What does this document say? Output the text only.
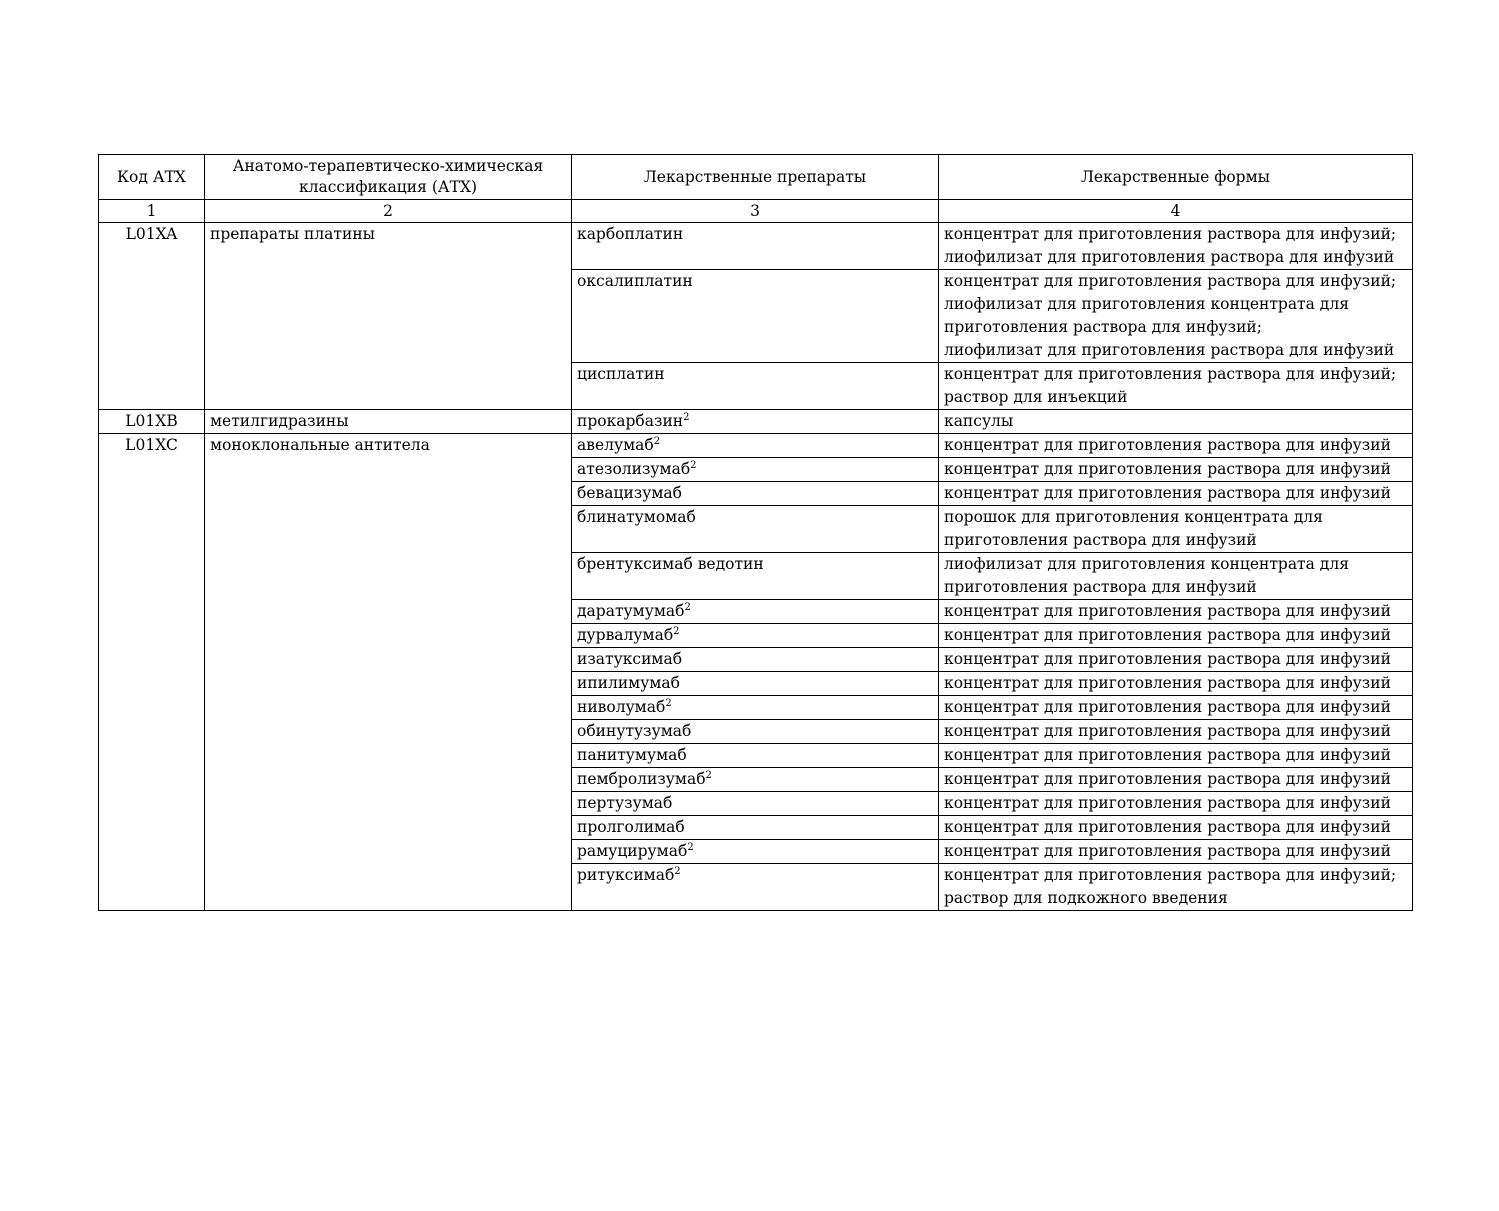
Код АТХ	Анатомо-терапевтическо-химическая классификация (АТХ)	Лекарственные препараты	Лекарственные формы
1	2	3	4
L01XA	препараты платины	карбоплатин	концентрат для приготовления раствора для инфузий;
лиофилизат для приготовления раствора для инфузий

		оксалиплатин	концентрат для приготовления раствора для инфузий;
лиофилизат для приготовления концентрата для приготовления раствора для инфузий;
лиофилизат для приготовления раствора для инфузий

		цисплатин	концентрат для приготовления раствора для инфузий;
раствор для инъекций

L01XB	метилгидразины	прокарбазин$^2$	капсулы

L01XC	моноклональные антитела	авелумаб$^2$	концентрат для приготовления раствора для инфузий

		атезолизумаб$^2$	концентрат для приготовления раствора для инфузий

		бевацизумаб	концентрат для приготовления раствора для инфузий

		блинатумомаб	порошок для приготовления концентрата для приготовления раствора для инфузий

		брентуксимаб ведотин	лиофилизат для приготовления концентрата для приготовления раствора для инфузий

		даратумумаб$^2$	концентрат для приготовления раствора для инфузий

		дурвалумаб$^2$	концентрат для приготовления раствора для инфузий

		изатуксимаб	концентрат для приготовления раствора для инфузий

		ипилимумаб	концентрат для приготовления раствора для инфузий

		ниволумаб$^2$	концентрат для приготовления раствора для инфузий

		обинутузумаб	концентрат для приготовления раствора для инфузий

		панитумумаб	концентрат для приготовления раствора для инфузий

		пембролизумаб$^2$	концентрат для приготовления раствора для инфузий

		пертузумаб	концентрат для приготовления раствора для инфузий

		пролголимаб	концентрат для приготовления раствора для инфузий

		рамуцирумаб$^2$	концентрат для приготовления раствора для инфузий

		ритуксимаб$^2$	концентрат для приготовления раствора для инфузий;
раствор для подкожного введения
